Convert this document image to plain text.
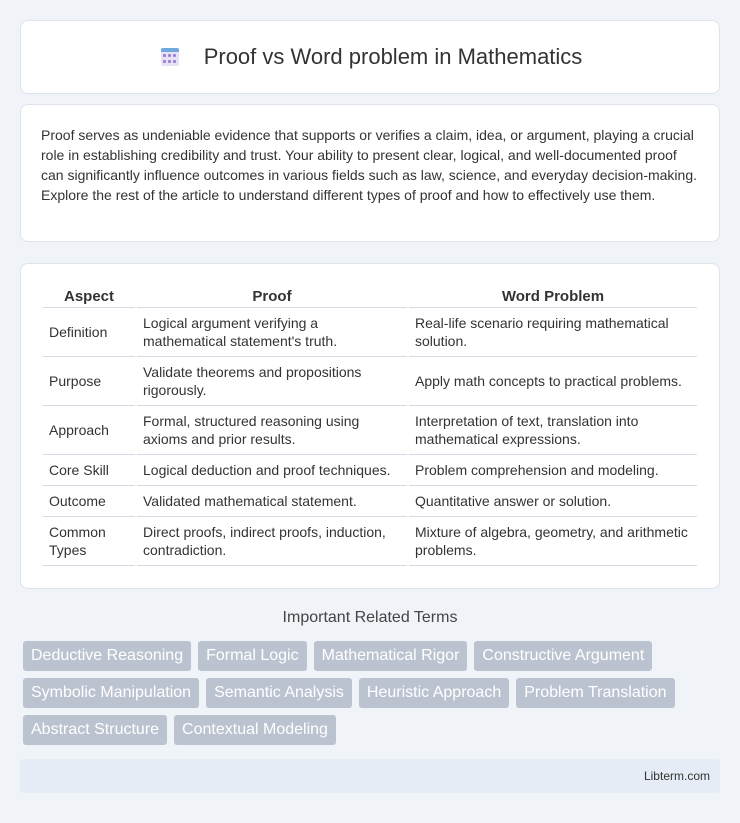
Proof vs Word problem in Mathematics

Proof serves as undeniable evidence that supports or verifies a claim, idea, or argument, playing a crucial role in establishing credibility and trust. Your ability to present clear, logical, and well-documented proof can significantly influence outcomes in various fields such as law, science, and everyday decision-making. Explore the rest of the article to understand different types of proof and how to effectively use them.

Aspect	Proof	Word Problem
Definition	Logical argument verifying a mathematical statement's truth.	Real-life scenario requiring mathematical solution.
Purpose	Validate theorems and propositions rigorously.	Apply math concepts to practical problems.
Approach	Formal, structured reasoning using axioms and prior results.	Interpretation of text, translation into mathematical expressions.
Core Skill	Logical deduction and proof techniques.	Problem comprehension and modeling.
Outcome	Validated mathematical statement.	Quantitative answer or solution.
Common Types	Direct proofs, indirect proofs, induction, contradiction.	Mixture of algebra, geometry, and arithmetic problems.
Important Related Terms
Deductive Reasoning	Formal Logic	Mathematical Rigor	Constructive Argument
Symbolic Manipulation	Semantic Analysis	Heuristic Approach	Problem Translation
Abstract Structure	Contextual Modeling
Libterm.com
